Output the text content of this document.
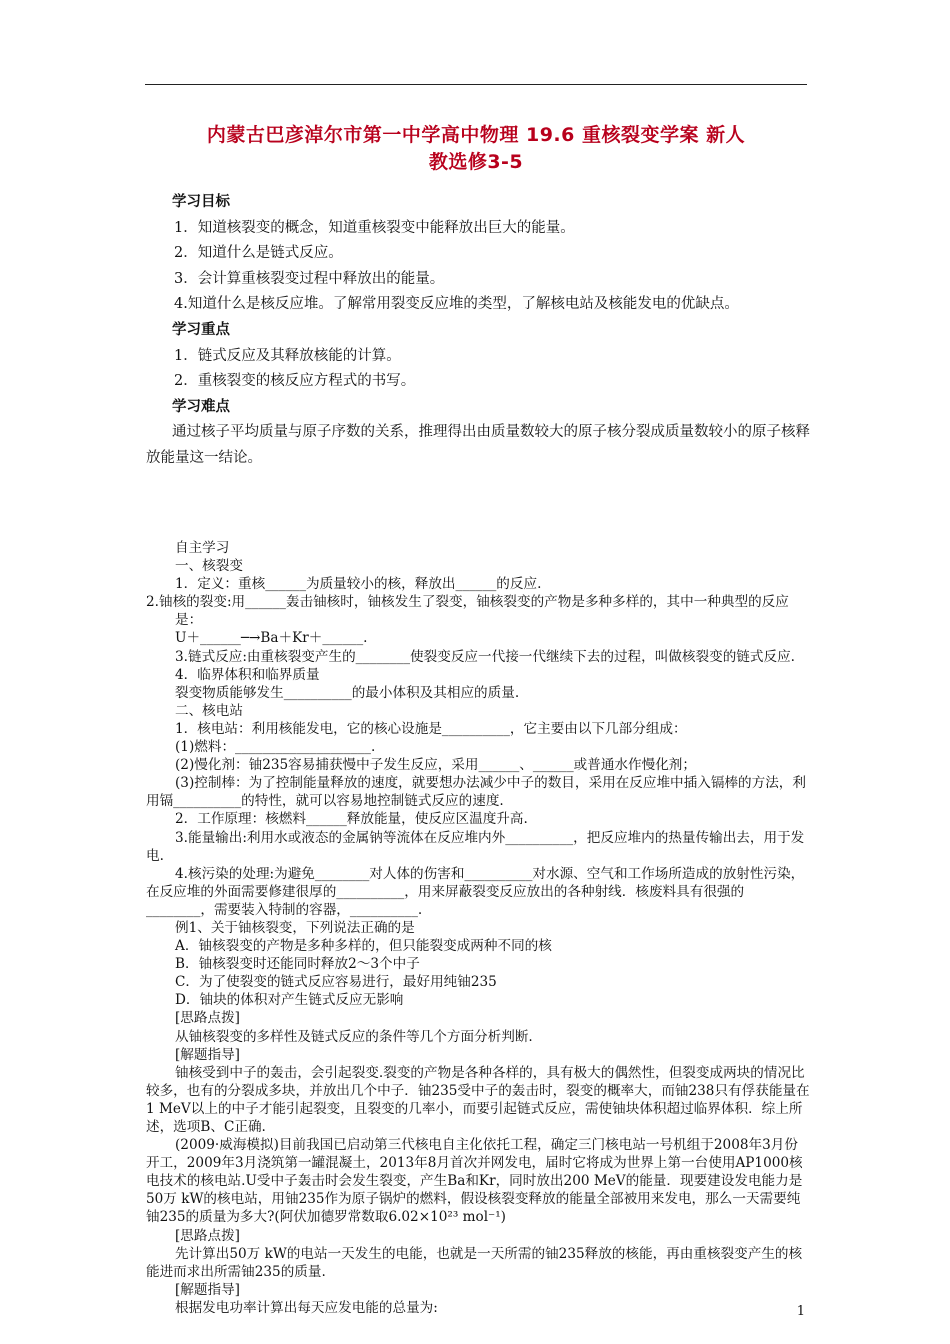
内蒙古巴彦淖尔市第一中学高中物理 19.6 重核裂变学案 新人
教选修3-5

学习目标

1．知道核裂变的概念，知道重核裂变中能释放出巨大的能量。

2．知道什么是链式反应。

3．会计算重核裂变过程中释放出的能量。

4.知道什么是核反应堆。了解常用裂变反应堆的类型，了解核电站及核能发电的优缺点。

学习重点

1．链式反应及其释放核能的计算。

2．重核裂变的核反应方程式的书写。

学习难点

通过核子平均质量与原子序数的关系，推理得出由质量数较大的原子核分裂成质量数较小的原子核释放能量这一结论。

自主学习

一、核裂变

1．定义：重核______为质量较小的核，释放出______的反应.

2.铀核的裂变:用______轰击铀核时，铀核发生了裂变，铀核裂变的产物是多种多样的，其中一种典型的反应是：

U＋______─→Ba＋Kr＋______.

3.链式反应:由重核裂变产生的________使裂变反应一代接一代继续下去的过程，叫做核裂变的链式反应.

4．临界体积和临界质量

裂变物质能够发生__________的最小体积及其相应的质量.

二、核电站

1．核电站：利用核能发电，它的核心设施是__________，它主要由以下几部分组成：

(1)燃料：____________________.

(2)慢化剂：铀235容易捕获慢中子发生反应，采用______、______或普通水作慢化剂；

(3)控制棒：为了控制能量释放的速度，就要想办法减少中子的数目，采用在反应堆中插入镉棒的方法，利用镉__________的特性，就可以容易地控制链式反应的速度.

2．工作原理：核燃料______释放能量，使反应区温度升高.

3.能量输出:利用水或液态的金属钠等流体在反应堆内外__________，把反应堆内的热量传输出去，用于发电.

4.核污染的处理:为避免________对人体的伤害和__________对水源、空气和工作场所造成的放射性污染，在反应堆的外面需要修建很厚的__________，用来屏蔽裂变反应放出的各种射线．核废料具有很强的________，需要装入特制的容器，__________.

例1、关于铀核裂变，下列说法正确的是

A．铀核裂变的产物是多种多样的，但只能裂变成两种不同的核

B．铀核裂变时还能同时释放2～3个中子

C．为了使裂变的链式反应容易进行，最好用纯铀235

D．铀块的体积对产生链式反应无影响

[思路点拨]

从铀核裂变的多样性及链式反应的条件等几个方面分析判断.

[解题指导]

铀核受到中子的轰击，会引起裂变.裂变的产物是各种各样的，具有极大的偶然性，但裂变成两块的情况比较多，也有的分裂成多块，并放出几个中子．铀235受中子的轰击时，裂变的概率大，而铀238只有俘获能量在1 MeV以上的中子才能引起裂变，且裂变的几率小，而要引起链式反应，需使铀块体积超过临界体积．综上所述，选项B、C正确.

(2009·威海模拟)目前我国已启动第三代核电自主化依托工程，确定三门核电站一号机组于2008年3月份开工，2009年3月浇筑第一罐混凝土，2013年8月首次并网发电，届时它将成为世界上第一台使用AP1000核电技术的核电站.U受中子轰击时会发生裂变，产生Ba和Kr，同时放出200 MeV的能量．现要建设发电能力是50万 kW的核电站，用铀235作为原子锅炉的燃料，假设核裂变释放的能量全部被用来发电，那么一天需要纯铀235的质量为多大?(阿伏加德罗常数取6.02×10²³ mol⁻¹)

[思路点拨]

先计算出50万 kW的电站一天发生的电能，也就是一天所需的铀235释放的核能，再由重核裂变产生的核能进而求出所需铀235的质量.

[解题指导]

根据发电功率计算出每天应发电能的总量为:	1
